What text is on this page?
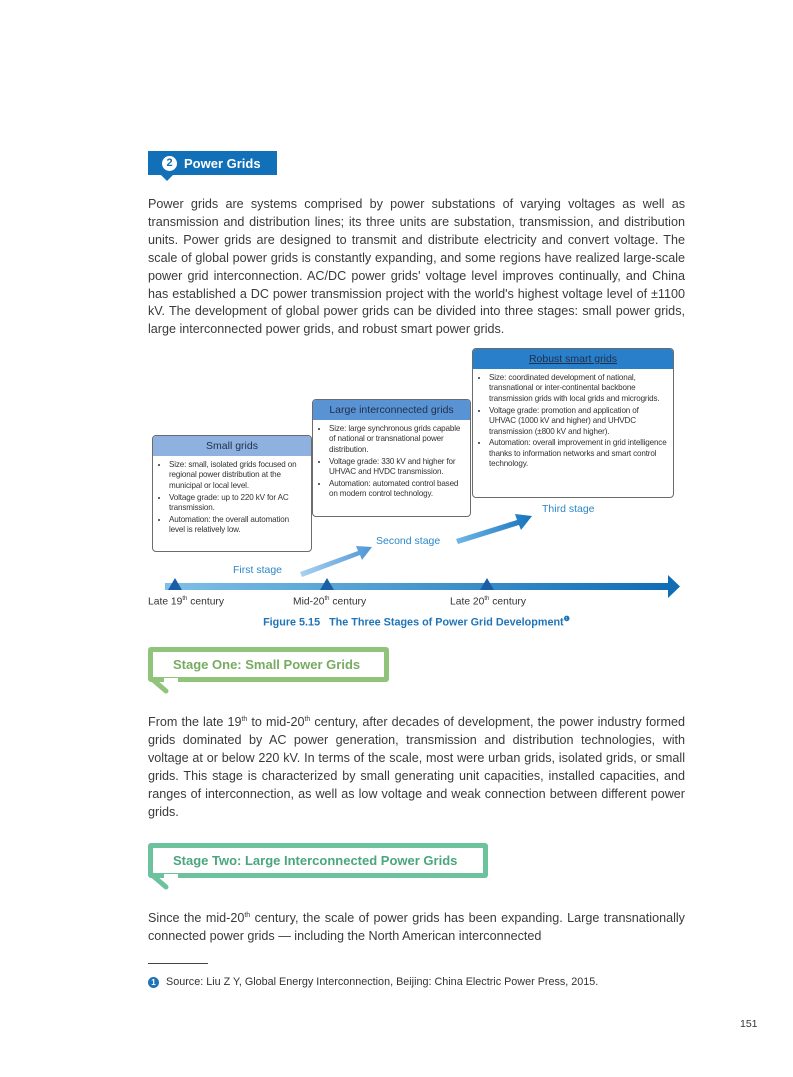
2 Power Grids

Power grids are systems comprised by power substations of varying voltages as well as transmission and distribution lines; its three units are substation, transmission, and distribution units. Power grids are designed to transmit and distribute electricity and convert voltage. The scale of global power grids is constantly expanding, and some regions have realized large-scale power grid interconnection. AC/DC power grids' voltage level improves continually, and China has established a DC power transmission project with the world's highest voltage level of ±1100 kV. The development of global power grids can be divided into three stages: small power grids, large interconnected power grids, and robust smart power grids.

Small grids
• Size: small, isolated grids focused on regional power distribution at the municipal or local level.
• Voltage grade: up to 220 kV for AC transmission.
• Automation: the overall automation level is relatively low.
Large interconnected grids
• Size: large synchronous grids capable of national or transnational power distribution.
• Voltage grade: 330 kV and higher for UHVAC and HVDC transmission.
• Automation: automated control based on modern control technology.
Robust smart grids
• Size: coordinated development of national, transnational or inter-continental backbone transmission grids with local grids and microgrids.
• Voltage grade: promotion and application of UHVAC (1000 kV and higher) and UHVDC transmission (±800 kV and higher).
• Automation: overall improvement in grid intelligence thanks to information networks and smart control technology.
First stage
Second stage
Third stage
Late 19th century	Mid-20th century	Late 20th century
Figure 5.15   The Three Stages of Power Grid Development$^❶$
Stage One: Small Power Grids

From the late 19th to mid-20th century, after decades of development, the power industry formed grids dominated by AC power generation, transmission and distribution technologies, with voltage at or below 220 kV. In terms of the scale, most were urban grids, isolated grids, or small grids. This stage is characterized by small generating unit capacities, installed capacities, and ranges of interconnection, as well as low voltage and weak connection between different power grids.

Stage Two: Large Interconnected Power Grids

Since the mid-20th century, the scale of power grids has been expanding. Large transnationally connected power grids — including the North American interconnected

1 Source: Liu Z Y, Global Energy Interconnection, Beijing: China Electric Power Press, 2015.
151
